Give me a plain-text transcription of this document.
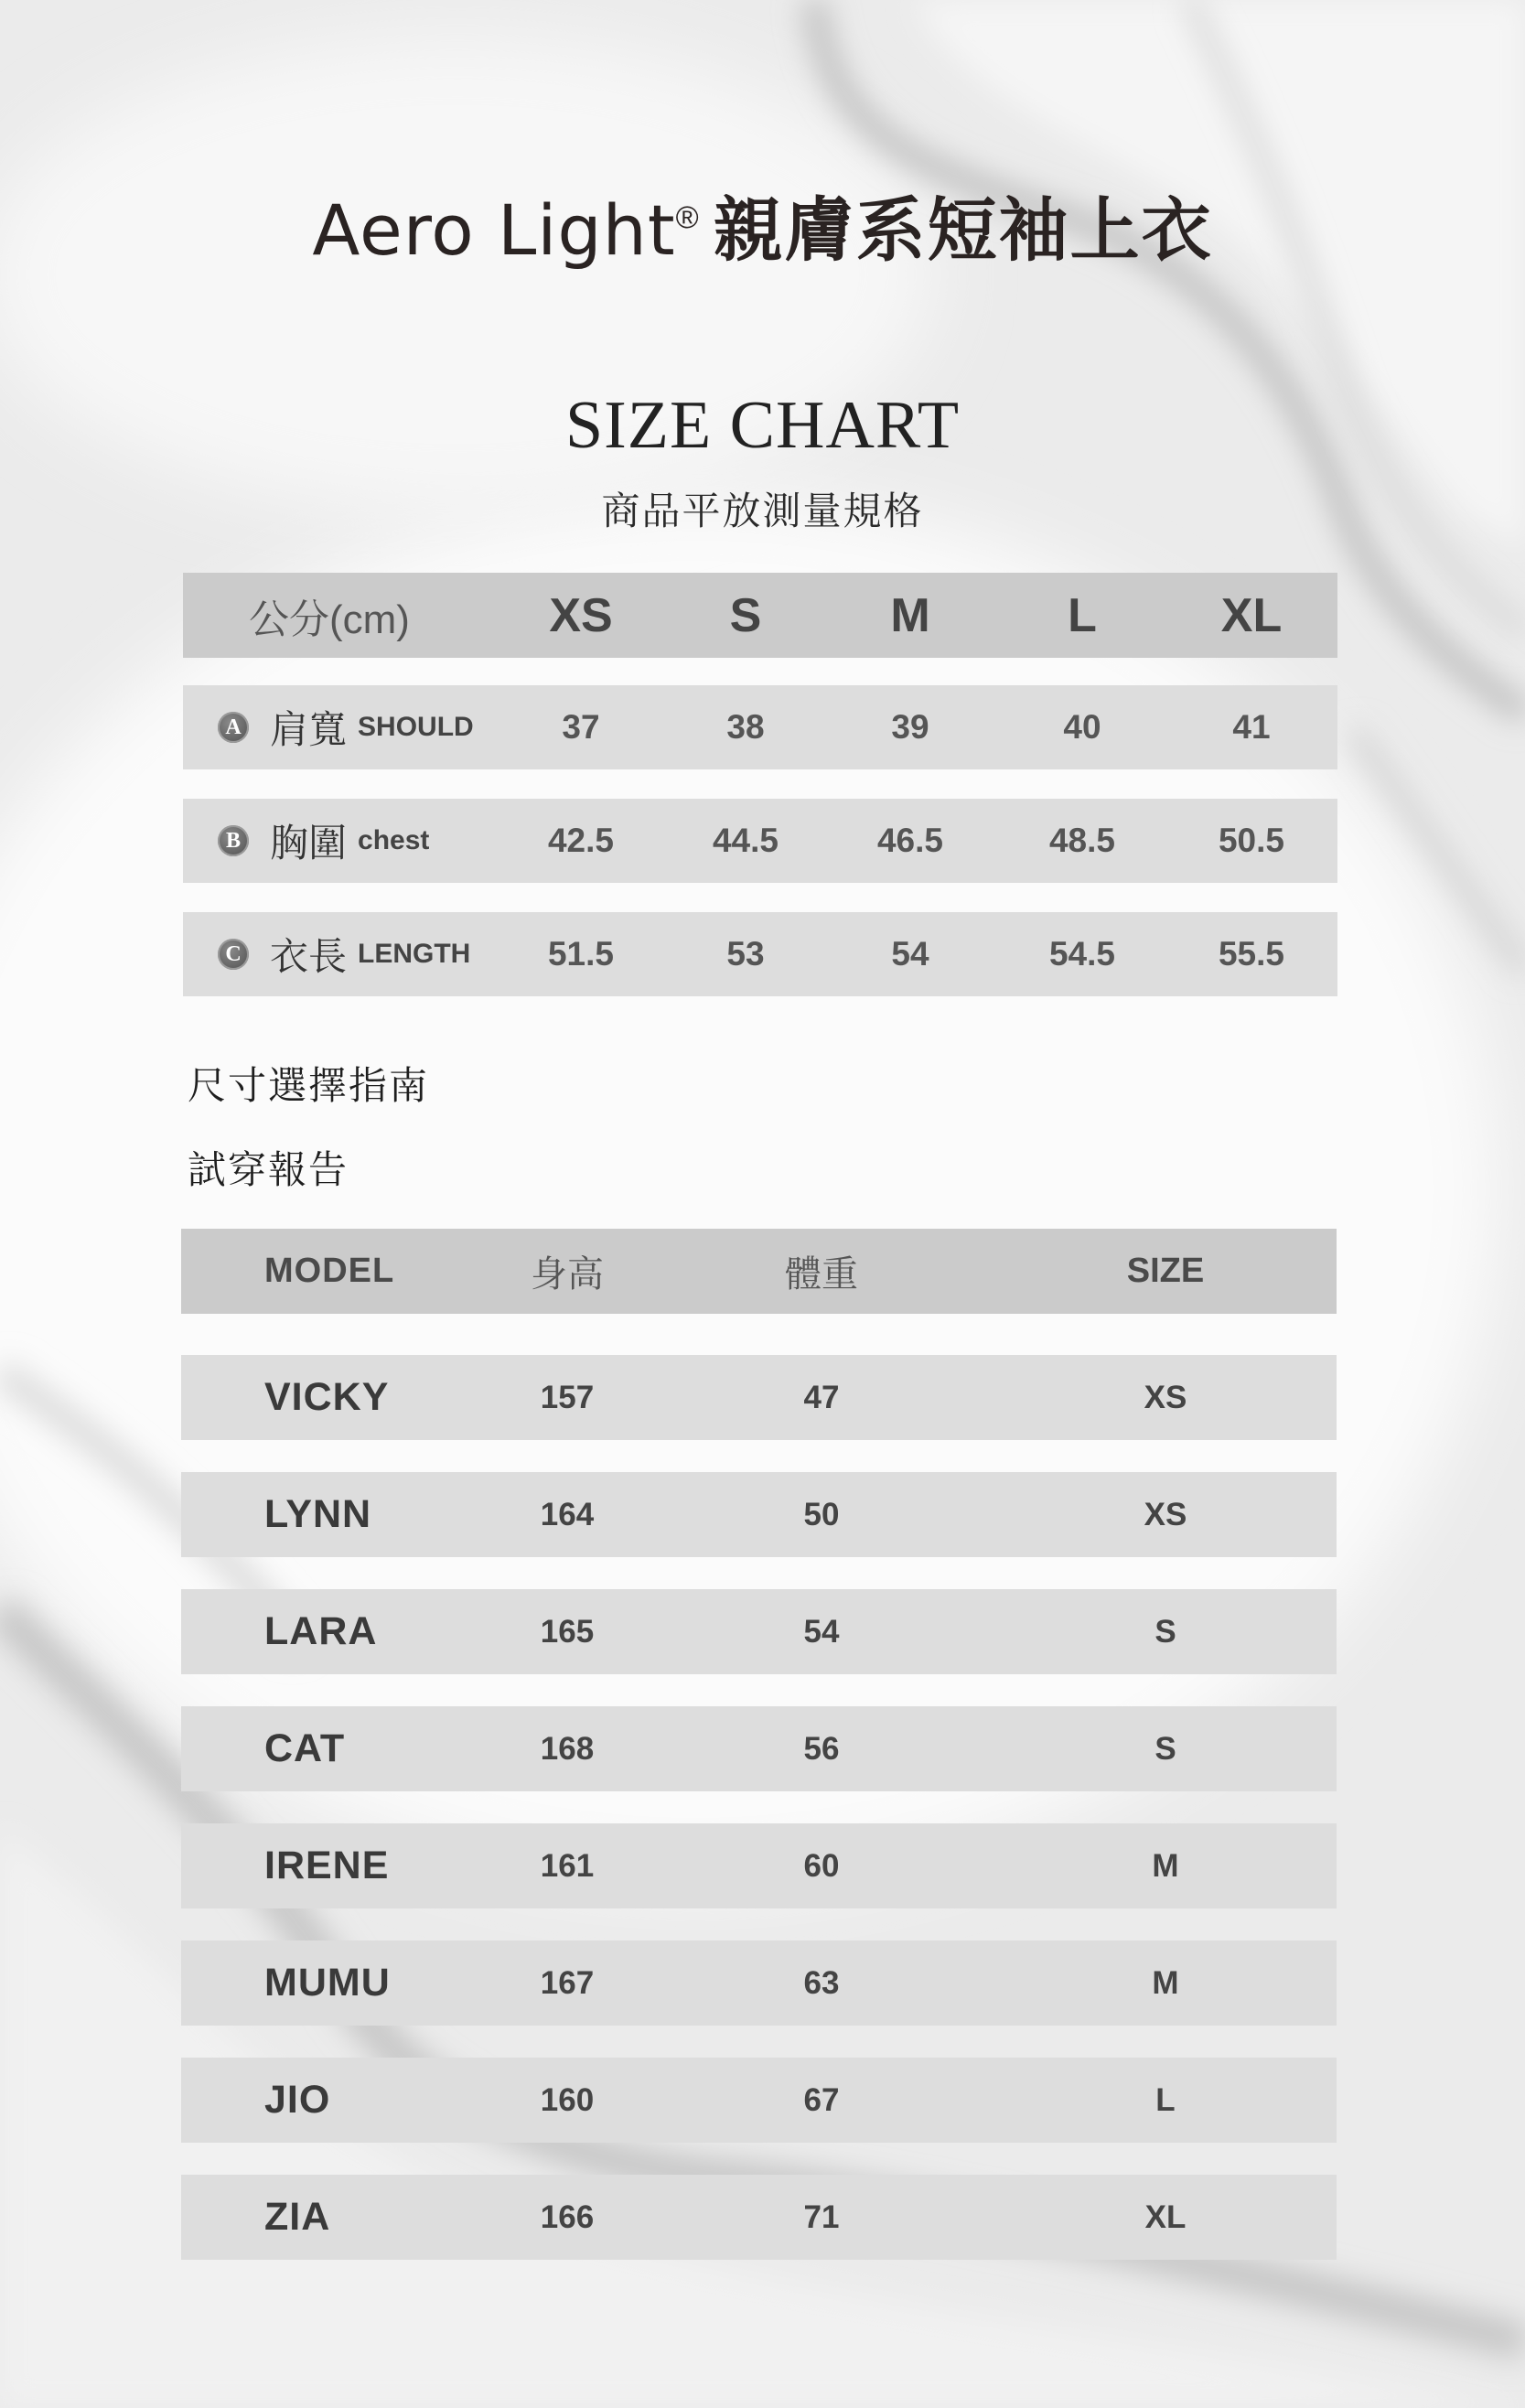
Aero Light® 親膚系短袖上衣
SIZE CHART
商品平放測量規格
公分(cm)	XS	S	M	L	XL
A 肩寬 SHOULD	37	38	39	40	41
B 胸圍 chest	42.5	44.5	46.5	48.5	50.5
C 衣長 LENGTH	51.5	53	54	54.5	55.5
尺寸選擇指南
試穿報告
MODEL	身高	體重	SIZE
VICKY	157	47	XS
LYNN	164	50	XS
LARA	165	54	S
CAT	168	56	S
IRENE	161	60	M
MUMU	167	63	M
JIO	160	67	L
ZIA	166	71	XL
